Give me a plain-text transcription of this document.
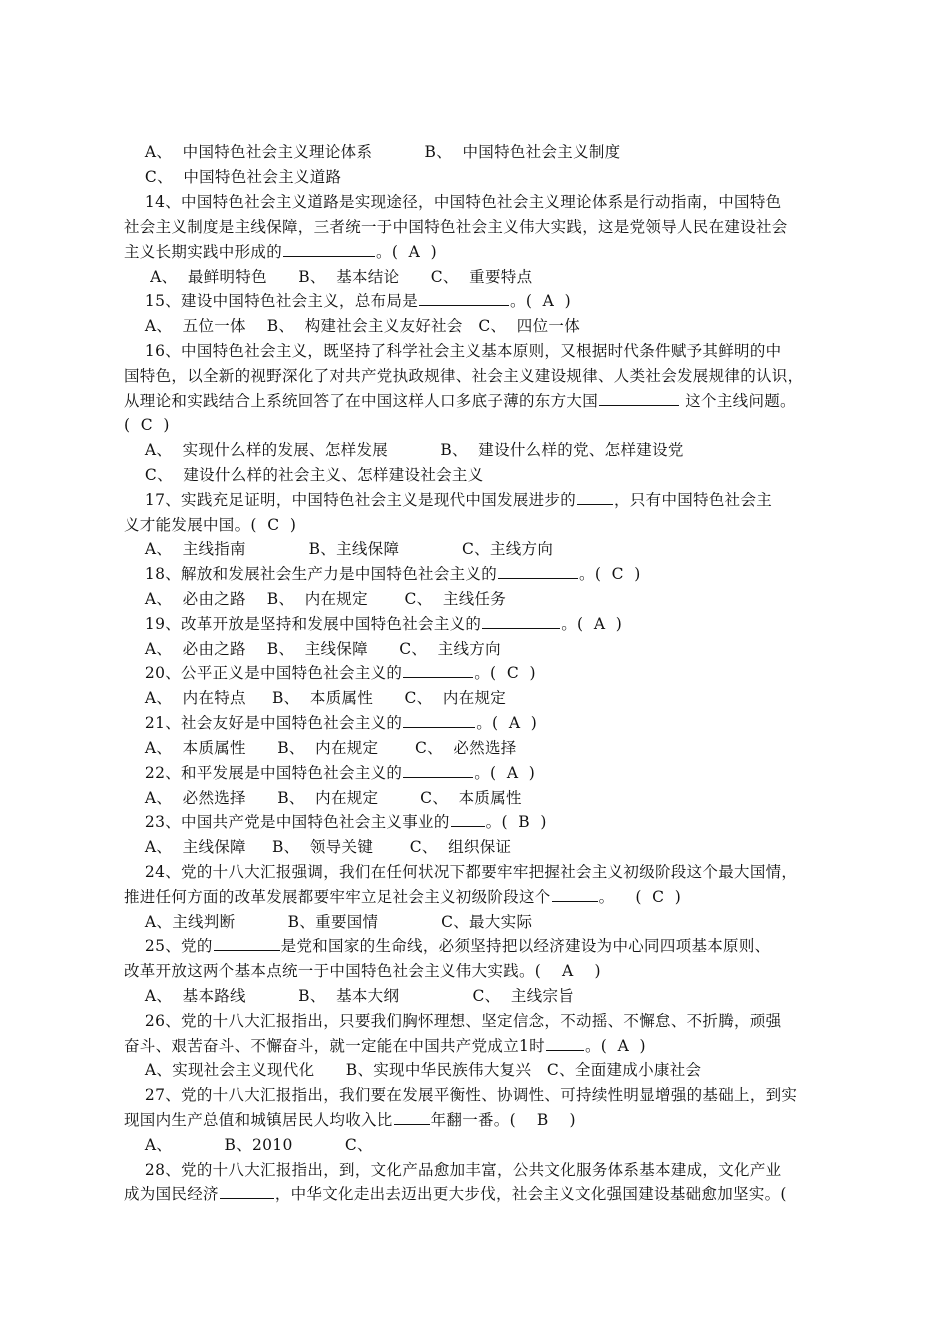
A、  中国特色社会主义理论体系          B、  中国特色社会主义制度
C、  中国特色社会主义道路
14、中国特色社会主义道路是实现途径，中国特色社会主义理论体系是行动指南，中国特色
社会主义制度是主线保障，三者统一于中国特色社会主义伟大实践，这是党领导人民在建设社会
主义长期实践中形成的	。(  A  )
A、  最鲜明特色      B、  基本结论      C、  重要特点
15、建设中国特色社会主义，总布局是	。(  A  )
A、  五位一体    B、  构建社会主义友好社会   C、  四位一体
16、中国特色社会主义，既坚持了科学社会主义基本原则，又根据时代条件赋予其鲜明的中
国特色，以全新的视野深化了对共产党执政规律、社会主义建设规律、人类社会发展规律的认识，
从理论和实践结合上系统回答了在中国这样人口多底子薄的东方大国	这个主线问题。
(  C  )
A、  实现什么样的发展、怎样发展          B、  建设什么样的党、怎样建设党
C、  建设什么样的社会主义、怎样建设社会主义
17、实践充足证明，中国特色社会主义是现代中国发展进步的 ，只有中国特色社会主
义才能发展中国。(  C  )
A、  主线指南            B、主线保障            C、主线方向
18、解放和发展社会生产力是中国特色社会主义的	。(  C  )
A、  必由之路    B、  内在规定       C、  主线任务
19、改革开放是坚持和发展中国特色社会主义的	。(  A  )
A、  必由之路    B、  主线保障      C、  主线方向
20、公平正义是中国特色社会主义的	。(  C  )
A、  内在特点     B、  本质属性      C、  内在规定
21、社会友好是中国特色社会主义的	。(  A  )
A、  本质属性      B、  内在规定       C、  必然选择
22、和平发展是中国特色社会主义的	。(  A  )
A、  必然选择      B、  内在规定        C、  本质属性
23、中国共产党是中国特色社会主义事业的 。(  B  )
A、  主线保障     B、  领导关键       C、  组织保证
24、党的十八大汇报强调，我们在任何状况下都要牢牢把握社会主义初级阶段这个最大国情，
推进任何方面的改革发展都要牢牢立足社会主义初级阶段这个	。    (  C  )
A、主线判断          B、重要国情            C、最大实际
25、党的	是党和国家的生命线，必须坚持把以经济建设为中心同四项基本原则、
改革开放这两个基本点统一于中国特色社会主义伟大实践。(    A    )
A、  基本路线          B、  基本大纲              C、  主线宗旨
26、党的十八大汇报指出，只要我们胸怀理想、坚定信念，不动摇、不懈怠、不折腾，顽强
奋斗、艰苦奋斗、不懈奋斗，就一定能在中国共产党成立1时	。(  A  )
A、实现社会主义现代化      B、实现中华民族伟大复兴   C、全面建成小康社会
27、党的十八大汇报指出，我们要在发展平衡性、协调性、可持续性明显增强的基础上，到实
现国内生产总值和城镇居民人均收入比 年翻一番。(    B    )
A、          B、2010          C、
28、党的十八大汇报指出，到，文化产品愈加丰富，公共文化服务体系基本建成，文化产业
成为国民经济	，中华文化走出去迈出更大步伐，社会主义文化强国建设基础愈加坚实。(
